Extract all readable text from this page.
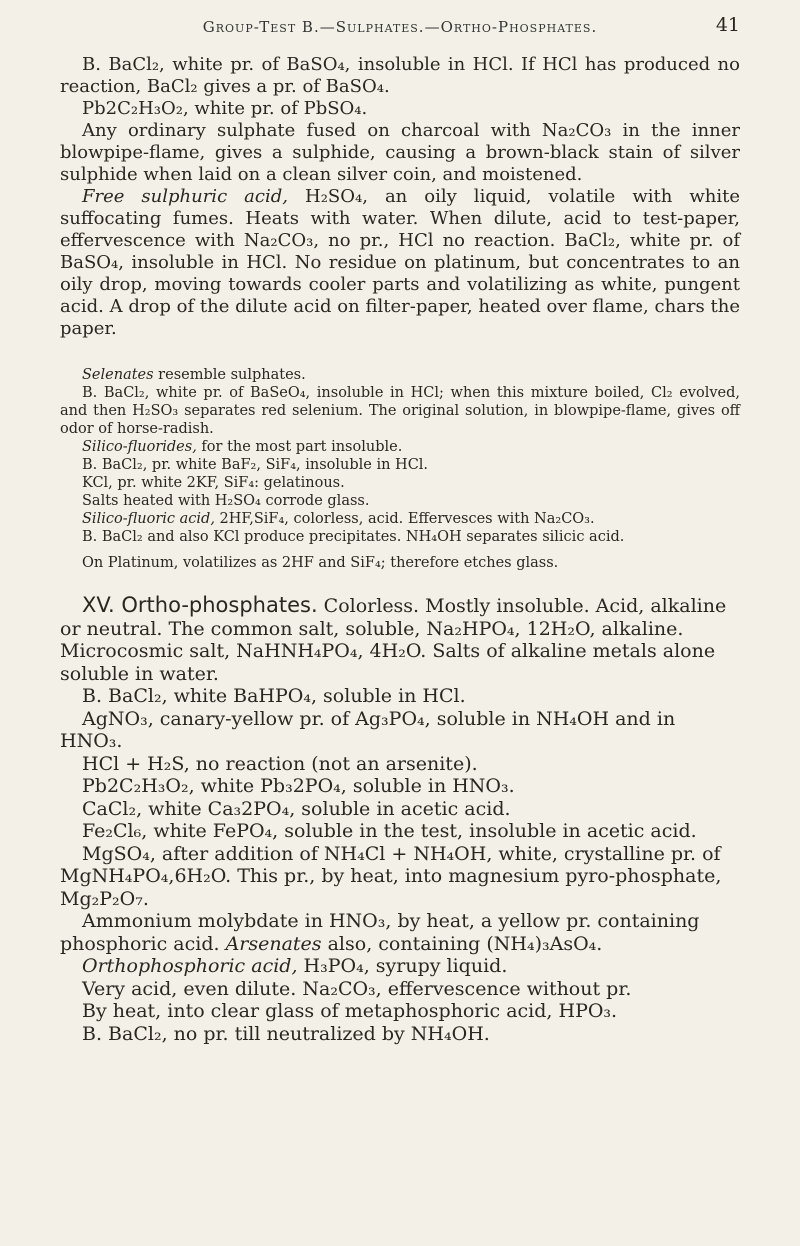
Group-Test B.—Sulphates.—Ortho-Phosphates.	41

B. BaCl₂, white pr. of BaSO₄, insoluble in HCl. If HCl has produced no reaction, BaCl₂ gives a pr. of BaSO₄.

Pb2C₂H₃O₂, white pr. of PbSO₄.

Any ordinary sulphate fused on charcoal with Na₂CO₃ in the inner blowpipe-flame, gives a sulphide, causing a brown-black stain of silver sulphide when laid on a clean silver coin, and moistened.

Free sulphuric acid, H₂SO₄, an oily liquid, volatile with white suffocating fumes. Heats with water. When dilute, acid to test-paper, effervescence with Na₂CO₃, no pr., HCl no reaction. BaCl₂, white pr. of BaSO₄, insoluble in HCl. No residue on platinum, but concentrates to an oily drop, moving towards cooler parts and volatilizing as white, pungent acid. A drop of the dilute acid on filter-paper, heated over flame, chars the paper.

Selenates resemble sulphates.

B. BaCl₂, white pr. of BaSeO₄, insoluble in HCl; when this mixture boiled, Cl₂ evolved, and then H₂SO₃ separates red selenium. The original solution, in blowpipe-flame, gives off odor of horse-radish.

Silico-fluorides, for the most part insoluble.

B. BaCl₂, pr. white BaF₂, SiF₄, insoluble in HCl.

KCl, pr. white 2KF, SiF₄: gelatinous.

Salts heated with H₂SO₄ corrode glass.

Silico-fluoric acid, 2HF,SiF₄, colorless, acid. Effervesces with Na₂CO₃.

B. BaCl₂ and also KCl produce precipitates. NH₄OH separates silicic acid.

On Platinum, volatilizes as 2HF and SiF₄; therefore etches glass.

XV. Ortho-phosphates. Colorless. Mostly insoluble. Acid, alkaline or neutral. The common salt, soluble, Na₂HPO₄, 12H₂O, alkaline. Microcosmic salt, NaHNH₄PO₄, 4H₂O. Salts of alkaline metals alone soluble in water.

B. BaCl₂, white BaHPO₄, soluble in HCl.

AgNO₃, canary-yellow pr. of Ag₃PO₄, soluble in NH₄OH and in HNO₃.

HCl + H₂S, no reaction (not an arsenite).

Pb2C₂H₃O₂, white Pb₃2PO₄, soluble in HNO₃.

CaCl₂, white Ca₃2PO₄, soluble in acetic acid.

Fe₂Cl₆, white FePO₄, soluble in the test, insoluble in acetic acid.

MgSO₄, after addition of NH₄Cl + NH₄OH, white, crystalline pr. of MgNH₄PO₄,6H₂O. This pr., by heat, into magnesium pyro-phosphate, Mg₂P₂O₇.

Ammonium molybdate in HNO₃, by heat, a yellow pr. containing phosphoric acid. Arsenates also, containing (NH₄)₃AsO₄.

Orthophosphoric acid, H₃PO₄, syrupy liquid.

Very acid, even dilute. Na₂CO₃, effervescence without pr.

By heat, into clear glass of metaphosphoric acid, HPO₃.

B. BaCl₂, no pr. till neutralized by NH₄OH.
